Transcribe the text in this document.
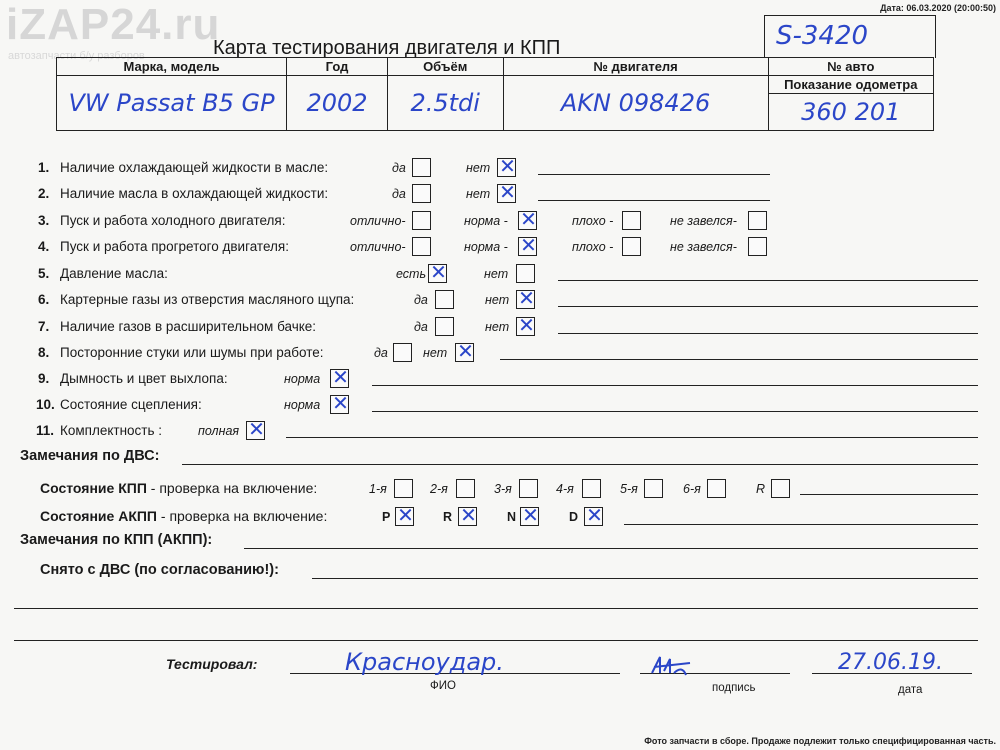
iZAP24.ru
автозапчасти б/у разборов
Дата: 06.03.2020 (20:00:50)
Карта тестирования двигателя и КПП	S-3420
Марка, модель	Год	Объём	№ двигателя	№ авто
VW Passat B5 GP	2002	2.5tdi	AKN 098426	Показание одометра
				360 201
1. Наличие охлаждающей жидкости в масле:	да	нет ✕
2. Наличие масла в охлаждающей жидкости:	да	нет ✕
3. Пуск и работа холодного двигателя:	отлично-	норма - ✕	плохо -	не завелся-
4. Пуск и работа прогретого двигателя:	отлично-	норма - ✕	плохо -	не завелся-
5. Давление масла:	есть ✕	нет
6. Картерные газы из отверстия масляного щупа:	да	нет ✕
7. Наличие газов в расширительном бачке:	да	нет ✕
8. Посторонние стуки или шумы при работе:	да	нет ✕
9. Дымность и цвет выхлопа:	норма ✕
10. Состояние сцепления:	норма ✕
11. Комплектность :	полная ✕
Замечания по ДВС:
Состояние КПП - проверка на включение:	1-я	2-я	3-я	4-я	5-я	6-я	R
Состояние АКПП - проверка на включение:	P ✕ R ✕ N ✕ D ✕
Замечания по КПП (АКПП):
Снято с ДВС (по согласованию!):
Тестировал:	Красноудар.
ФИО	подпись
27.06.19.
дата
Фото запчасти в сборе. Продаже подлежит только специфицированная часть.
